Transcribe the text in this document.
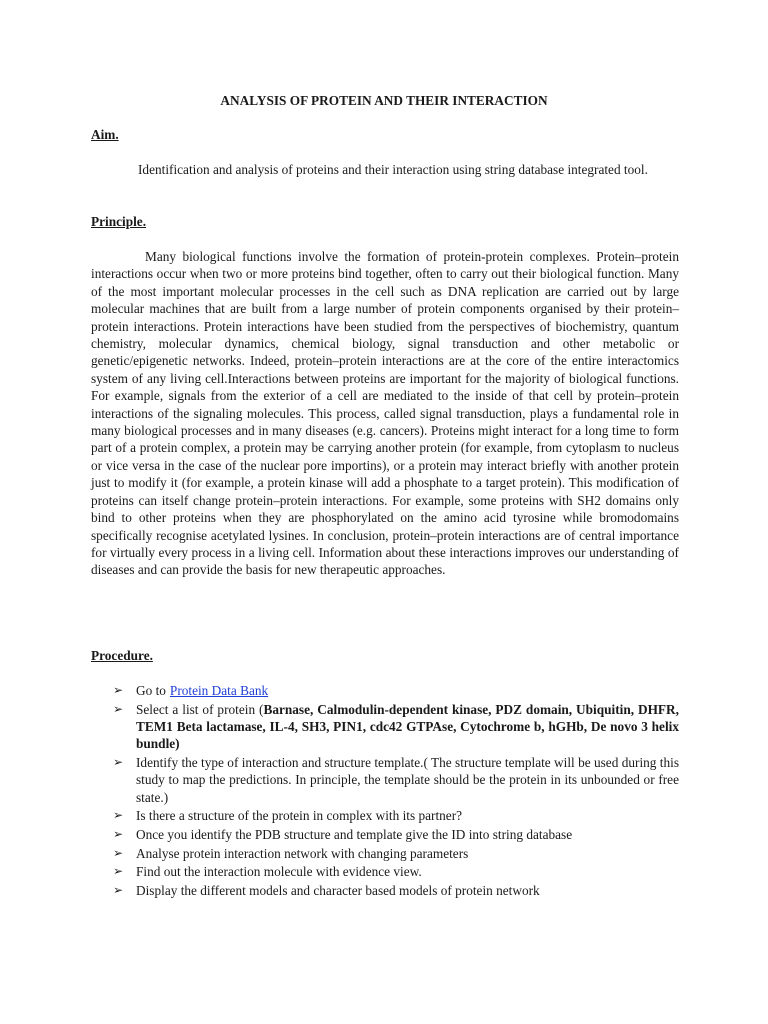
ANALYSIS OF PROTEIN AND THEIR INTERACTION
Aim.

Identification and analysis of proteins and their interaction using string database integrated tool.

Principle.

Many biological functions involve the formation of protein-protein complexes. Protein–protein interactions occur when two or more proteins bind together, often to carry out their biological function. Many of the most important molecular processes in the cell such as DNA replication are carried out by large molecular machines that are built from a large number of protein components organised by their protein–protein interactions. Protein interactions have been studied from the perspectives of biochemistry, quantum chemistry, molecular dynamics, chemical biology, signal transduction and other metabolic or genetic/epigenetic networks. Indeed, protein–protein interactions are at the core of the entire interactomics system of any living cell.Interactions between proteins are important for the majority of biological functions. For example, signals from the exterior of a cell are mediated to the inside of that cell by protein–protein interactions of the signaling molecules. This process, called signal transduction, plays a fundamental role in many biological processes and in many diseases (e.g. cancers). Proteins might interact for a long time to form part of a protein complex, a protein may be carrying another protein (for example, from cytoplasm to nucleus or vice versa in the case of the nuclear pore importins), or a protein may interact briefly with another protein just to modify it (for example, a protein kinase will add a phosphate to a target protein). This modification of proteins can itself change protein–protein interactions. For example, some proteins with SH2 domains only bind to other proteins when they are phosphorylated on the amino acid tyrosine while bromodomains specifically recognise acetylated lysines. In conclusion, protein–protein interactions are of central importance for virtually every process in a living cell. Information about these interactions improves our understanding of diseases and can provide the basis for new therapeutic approaches.

Procedure.
➢ Go to Protein Data Bank
➢ Select a list of protein (Barnase, Calmodulin-dependent kinase, PDZ domain, Ubiquitin, DHFR, TEM1 Beta lactamase, IL-4, SH3, PIN1, cdc42 GTPAse, Cytochrome b, hGHb, De novo 3 helix bundle)
➢ Identify the type of interaction and structure template.( The structure template will be used during this study to map the predictions. In principle, the template should be the protein in its unbounded or free state.)
➢ Is there a structure of the protein in complex with its partner?
➢ Once you identify the PDB structure and template give the ID into string database
➢ Analyse protein interaction network with changing parameters
➢ Find out the interaction molecule with evidence view.
➢ Display the different models and character based models of protein network
